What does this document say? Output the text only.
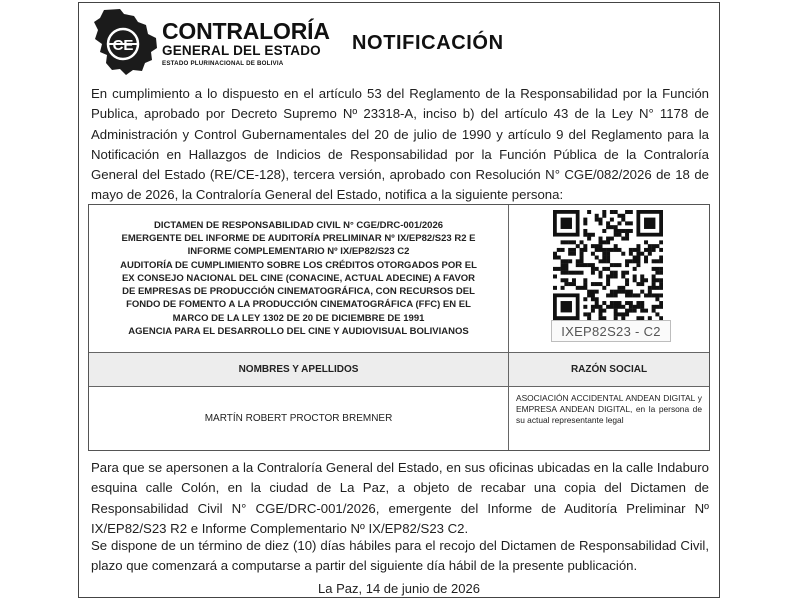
CE
CONTRALORÍA
GENERAL DEL ESTADO
ESTADO PLURINACIONAL DE BOLIVIA
NOTIFICACIÓN
En cumplimiento a lo dispuesto en el artículo 53 del Reglamento de la Responsabilidad por la Función Publica, aprobado por Decreto Supremo Nº 23318-A, inciso b) del artículo 43 de la Ley N° 1178 de Administración y Control Gubernamentales del 20 de julio de 1990 y artículo 9 del Reglamento para la Notificación en Hallazgos de Indicios de Responsabilidad por la Función Pública de la Contraloría General del Estado (RE/CE-128), tercera versión, aprobado con Resolución N° CGE/082/2026 de 18 de mayo de 2026, la Contraloría General del Estado, notifica a la siguiente persona:
DICTAMEN DE RESPONSABILIDAD CIVIL N° CGE/DRC-001/2026
EMERGENTE DEL INFORME DE AUDITORÍA PRELIMINAR Nº IX/EP82/S23 R2 E
INFORME COMPLEMENTARIO Nº IX/EP82/S23 C2
AUDITORÍA DE CUMPLIMIENTO SOBRE LOS CRÉDITOS OTORGADOS POR EL
EX CONSEJO NACIONAL DEL CINE (CONACINE, ACTUAL ADECINE) A FAVOR
DE EMPRESAS DE PRODUCCIÓN CINEMATOGRÁFICA, CON RECURSOS DEL
FONDO DE FOMENTO A LA PRODUCCIÓN CINEMATOGRÁFICA (FFC) EN EL
MARCO DE LA LEY 1302 DE 20 DE DICIEMBRE DE 1991
AGENCIA PARA EL DESARROLLO DEL CINE Y AUDIOVISUAL BOLIVIANOS	IXEP82S23 - C2
NOMBRES Y APELLIDOS	RAZÓN SOCIAL
MARTÍN ROBERT PROCTOR BREMNER
ASOCIACIÓN ACCIDENTAL ANDEAN DIGITAL y EMPRESA ANDEAN DIGITAL, en la persona de su actual representante legal
Para que se apersonen a la Contraloría General del Estado, en sus oficinas ubicadas en la calle Indaburo esquina calle Colón, en la ciudad de La Paz, a objeto de recabar una copia del Dictamen de Responsabilidad Civil N° CGE/DRC-001/2026, emergente del Informe de Auditoría Preliminar Nº IX/EP82/S23 R2 e Informe Complementario Nº IX/EP82/S23 C2.
Se dispone de un término de diez (10) días hábiles para el recojo del Dictamen de Responsabilidad Civil, plazo que comenzará a computarse a partir del siguiente día hábil de la presente publicación.
La Paz, 14 de junio de 2026
